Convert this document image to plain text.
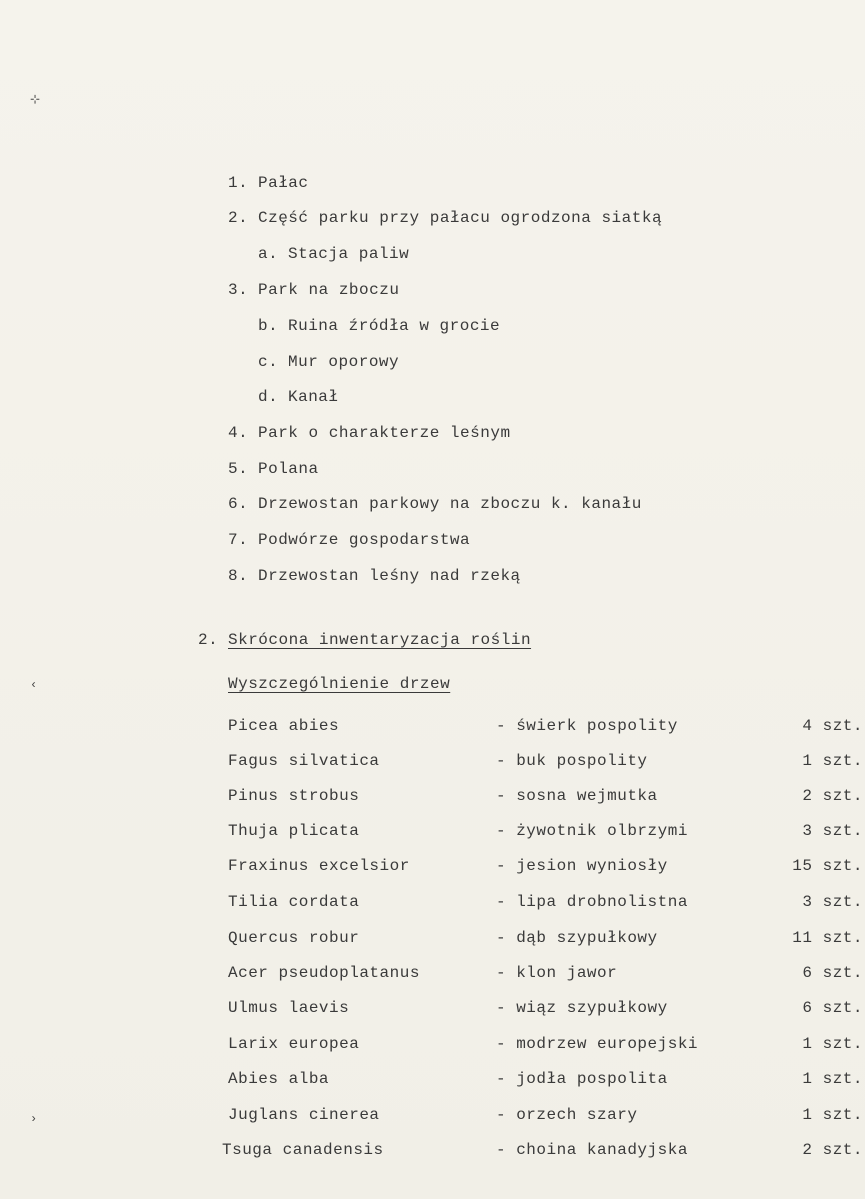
⊹
‹
›
1. Pałac
2. Część parku przy pałacu ogrodzona siatką
a. Stacja paliw
3. Park na zboczu
b. Ruina źródła w grocie
c. Mur oporowy
d. Kanał
4. Park o charakterze leśnym
5. Polana
6. Drzewostan parkowy na zboczu k. kanału
7. Podwórze gospodarstwa
8. Drzewostan leśny nad rzeką
2. Skrócona inwentaryzacja roślin
Wyszczególnienie drzew
Picea abies	- świerk pospolity	4 szt.
Fagus silvatica	- buk pospolity	1 szt.
Pinus strobus	- sosna wejmutka	2 szt.
Thuja plicata	- żywotnik olbrzymi	3 szt.
Fraxinus excelsior	- jesion wyniosły	15 szt.
Tilia cordata	- lipa drobnolistna	3 szt.
Quercus robur	- dąb szypułkowy	11 szt.
Acer pseudoplatanus	- klon jawor	6 szt.
Ulmus laevis	- wiąz szypułkowy	6 szt.
Larix europea	- modrzew europejski	1 szt.
Abies alba	- jodła pospolita	1 szt.
Juglans cinerea	- orzech szary	1 szt.
Tsuga canadensis	- choina kanadyjska	2 szt.
